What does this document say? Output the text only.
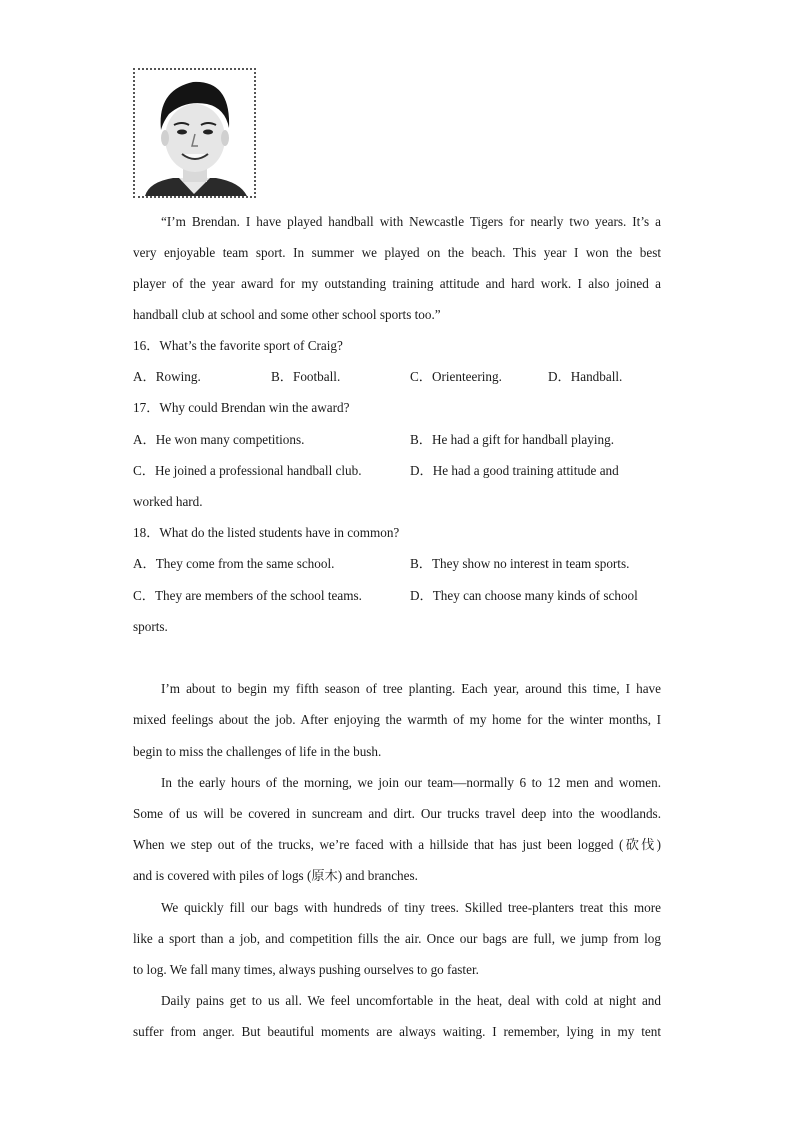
“I’m Brendan. I have played handball with Newcastle Tigers for nearly two years. It’s a
very enjoyable team sport. In summer we played on the beach. This year I won the best
player of the year award for my outstanding training attitude and hard work. I also joined a
handball club at school and some other school sports too.”
16．What’s the favorite sport of Craig?
A．Rowing.	B．Football.	C．Orienteering.	D．Handball.
17．Why could Brendan win the award?
A．He won many competitions.	B．He had a gift for handball playing.
C．He joined a professional handball club.	D．He had a good training attitude and
worked hard.
18．What do the listed students have in common?
A．They come from the same school.	B．They show no interest in team sports.
C．They are members of the school teams.	D．They can choose many kinds of school
sports.
I’m about to begin my fifth season of tree planting. Each year, around this time, I have
mixed feelings about the job. After enjoying the warmth of my home for the winter months, I
begin to miss the challenges of life in the bush.
In the early hours of the morning, we join our team—normally 6 to 12 men and women.
Some of us will be covered in suncream and dirt. Our trucks travel deep into the woodlands.
When we step out of the trucks, we’re faced with a hillside that has just been logged (砍伐)
and is covered with piles of logs (原木) and branches.
We quickly fill our bags with hundreds of tiny trees. Skilled tree-planters treat this more
like a sport than a job, and competition fills the air. Once our bags are full, we jump from log
to log. We fall many times, always pushing ourselves to go faster.
Daily pains get to us all. We feel uncomfortable in the heat, deal with cold at night and
suffer from anger. But beautiful moments are always waiting. I remember, lying in my tent
